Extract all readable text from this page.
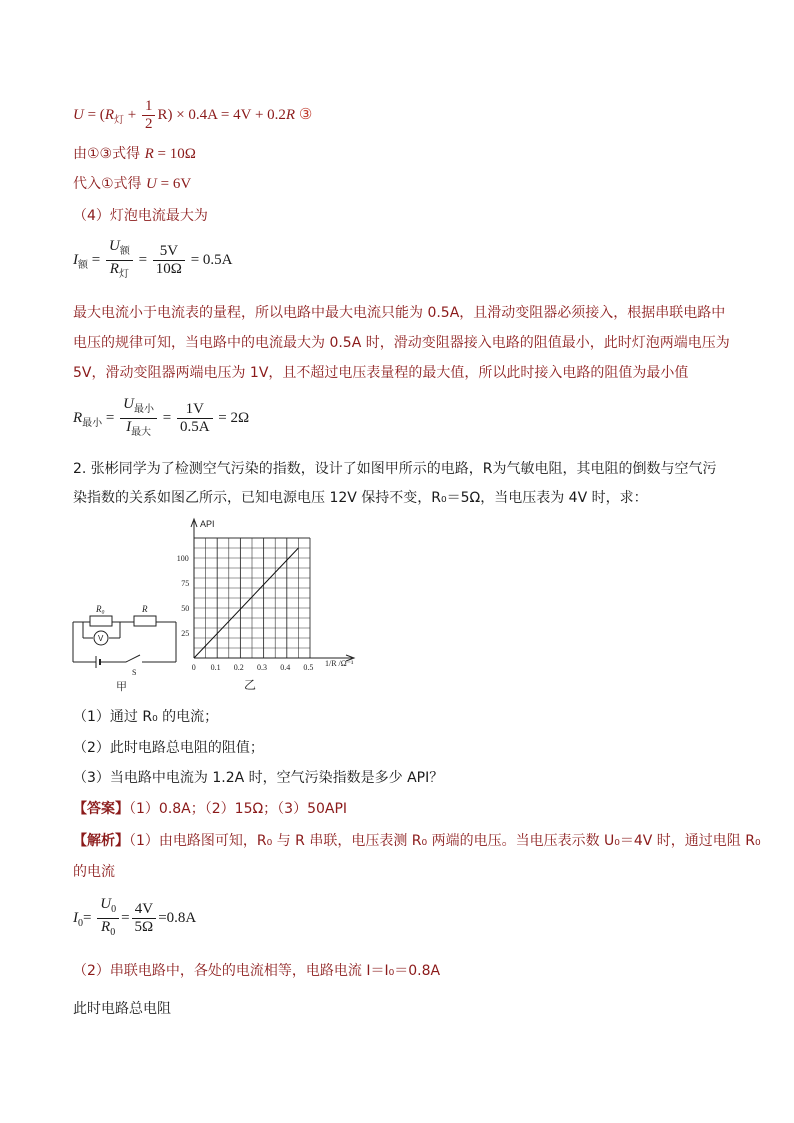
$U = (R_灯 + \frac{1}{2} R) \times 0.4A = 4V + 0.2R$ ③
由①③式得 R = 10Ω
代入①式得 U = 6V
（4）灯泡电流最大为
$I_额 = \frac{U_额}{R_灯} = \frac{5V}{10\Omega} = 0.5A$
最大电流小于电流表的量程，所以电路中最大电流只能为 0.5A，且滑动变阻器必须接入，根据串联电路中
电压的规律可知，当电路中的电流最大为 0.5A 时，滑动变阻器接入电路的阻值最小，此时灯泡两端电压为
5V，滑动变阻器两端电压为 1V，且不超过电压表量程的最大值，所以此时接入电路的阻值为最小值
$R_{最小} = \frac{U_{最小}}{I_{最大}} = \frac{1V}{0.5A} = 2\Omega$
2. 张彬同学为了检测空气污染的指数，设计了如图甲所示的电路，R为气敏电阻，其电阻的倒数与空气污
染指数的关系如图乙所示，已知电源电压 12V 保持不变，R₀＝5Ω，当电压表为 4V 时，求：
R₀	R
V
S
甲
0 0.1 0.2 0.3 0.4 0.5
25
50
75
100
API
1/R /Ω⁻¹
乙
（1）通过 R₀ 的电流；
（2）此时电路总电阻的阻值；
（3）当电路中电流为 1.2A 时，空气污染指数是多少 API？
【答案】（1）0.8A；（2）15Ω；（3）50API
【解析】（1）由电路图可知，R₀ 与 R 串联，电压表测 R₀ 两端的电压。当电压表示数 U₀＝4V 时，通过电阻 R₀
的电流
$I_0= \frac{U_0}{R_0} = \frac{4V}{5\Omega} =0.8A$
（2）串联电路中，各处的电流相等，电路电流 I＝I₀＝0.8A
此时电路总电阻
